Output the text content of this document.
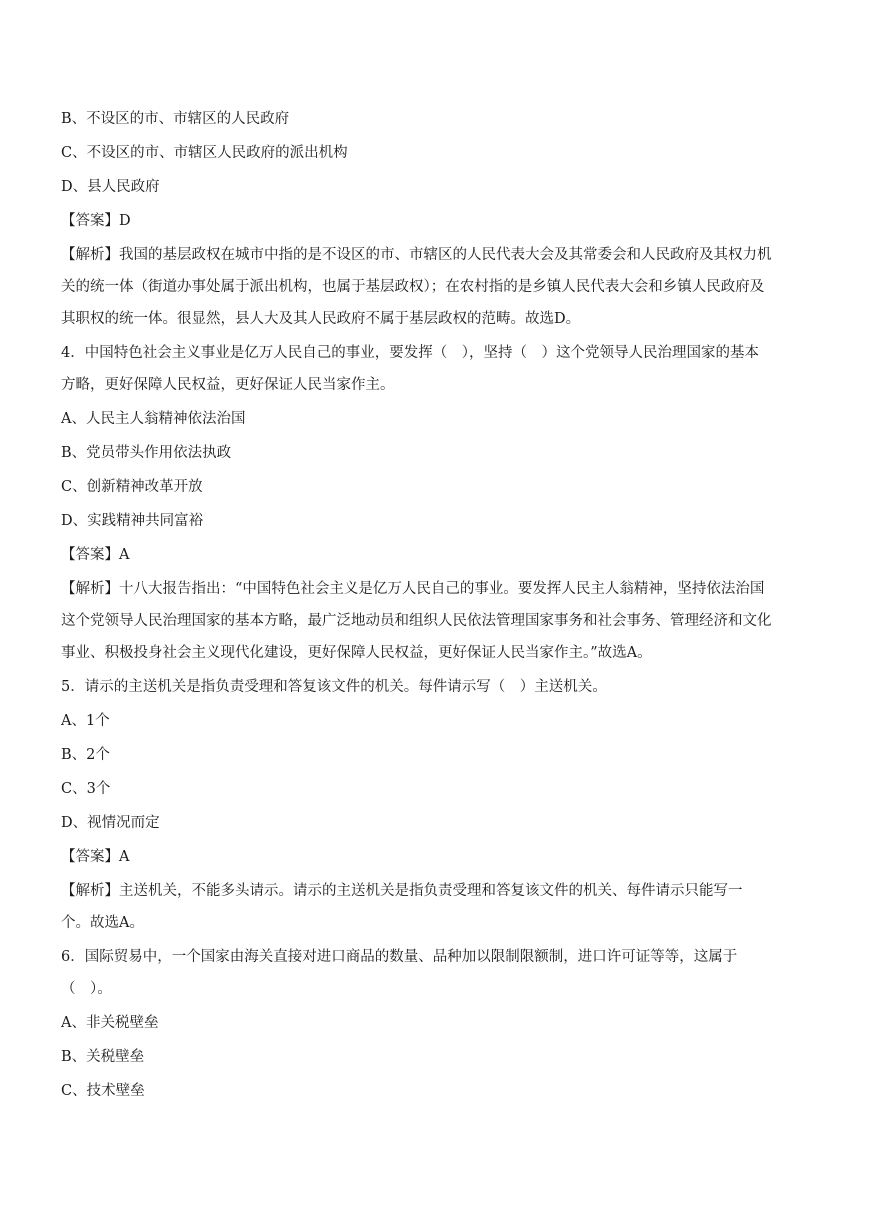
B、不设区的市、市辖区的人民政府

C、不设区的市、市辖区人民政府的派出机构

D、县人民政府

【答案】D

【解析】我国的基层政权在城市中指的是不设区的市、市辖区的人民代表大会及其常委会和人民政府及其权力机

关的统一体（街道办事处属于派出机构，也属于基层政权）；在农村指的是乡镇人民代表大会和乡镇人民政府及

其职权的统一体。很显然，县人大及其人民政府不属于基层政权的范畴。故选D。

4．中国特色社会主义事业是亿万人民自己的事业，要发挥（　），坚持（　）这个党领导人民治理国家的基本

方略，更好保障人民权益，更好保证人民当家作主。

A、人民主人翁精神依法治国

B、党员带头作用依法执政

C、创新精神改革开放

D、实践精神共同富裕

【答案】A

【解析】十八大报告指出：“中国特色社会主义是亿万人民自己的事业。要发挥人民主人翁精神，坚持依法治国

这个党领导人民治理国家的基本方略，最广泛地动员和组织人民依法管理国家事务和社会事务、管理经济和文化

事业、积极投身社会主义现代化建设，更好保障人民权益，更好保证人民当家作主。”故选A。

5．请示的主送机关是指负责受理和答复该文件的机关。每件请示写（　）主送机关。

A、1个

B、2个

C、3个

D、视情况而定

【答案】A

【解析】主送机关，不能多头请示。请示的主送机关是指负责受理和答复该文件的机关、每件请示只能写一

个。故选A。

6．国际贸易中，一个国家由海关直接对进口商品的数量、品种加以限制限额制，进口许可证等等，这属于

（　）。

A、非关税壁垒

B、关税壁垒

C、技术壁垒
